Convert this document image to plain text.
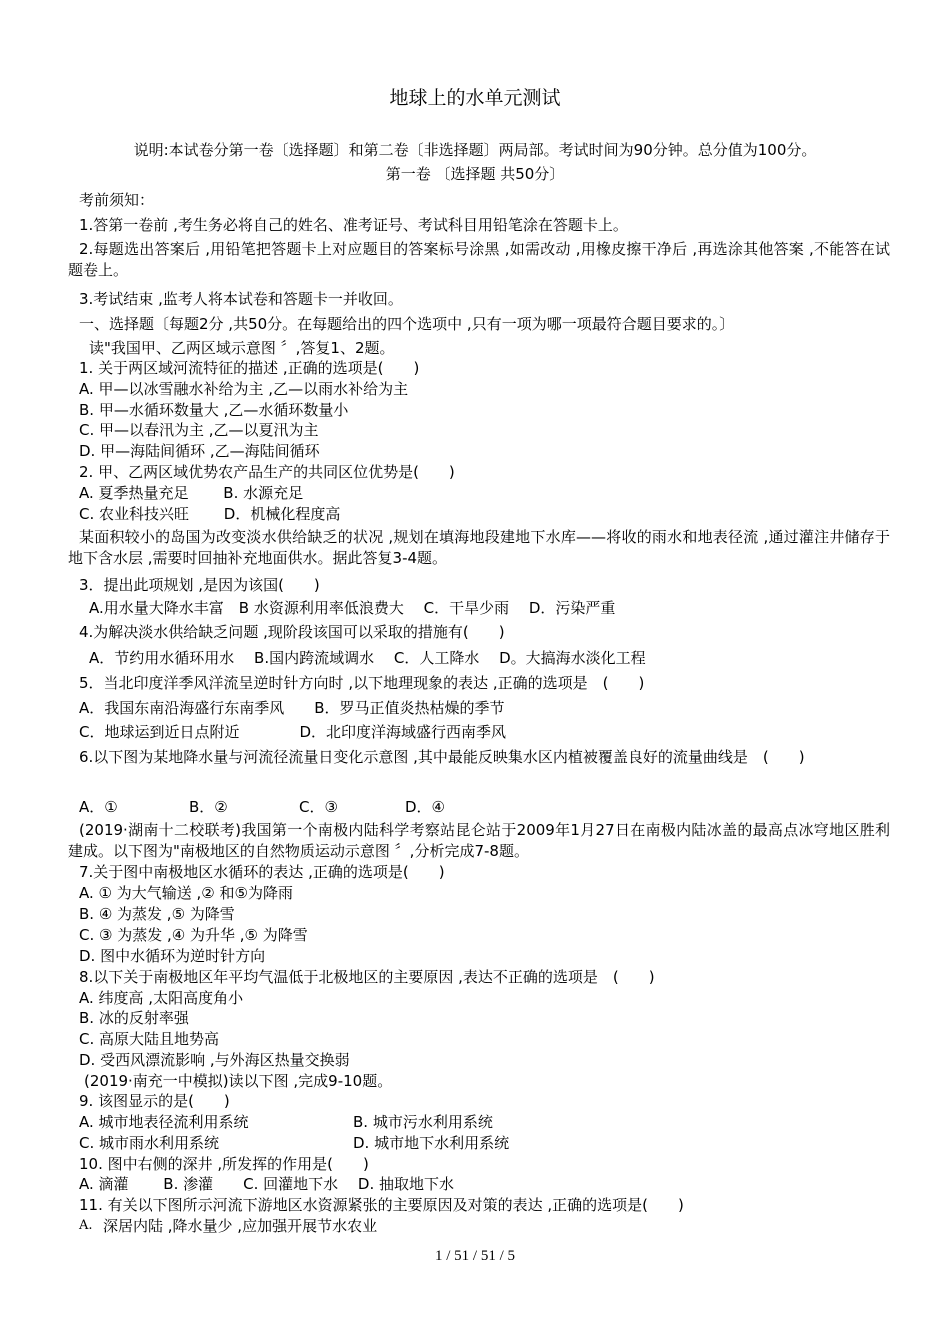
地球上的水单元测试
说明:本试卷分第一卷〔选择题〕和第二卷〔非选择题〕两局部。考试时间为90分钟。总分值为100分。
第一卷 〔选择题 共50分〕
考前须知：
1.答第一卷前 ,考生务必将自己的姓名、准考证号、考试科目用铅笔涂在答题卡上。
2.每题选出答案后 ,用铅笔把答题卡上对应题目的答案标号涂黑 ,如需改动 ,用橡皮擦干净后 ,再选涂其他答案 ,不能答在试题卷上。
3.考试结束 ,监考人将本试卷和答题卡一并收回。
一、选择题〔每题2分 ,共50分。在每题给出的四个选项中 ,只有一项为哪一项最符合题目要求的。〕
读"我国甲、乙两区域示意图 〞,答复1、2题。
1. 关于两区域河流特征的描述 ,正确的选项是(　　)
A. 甲—以冰雪融水补给为主 ,乙—以雨水补给为主
B. 甲—水循环数量大 ,乙—水循环数量小
C. 甲—以春汛为主 ,乙—以夏汛为主
D. 甲—海陆间循环 ,乙—海陆间循环
2. 甲、乙两区域优势农产品生产的共同区位优势是(　　)
A. 夏季热量充足　　 B. 水源充足
C. 农业科技兴旺　　 D．机械化程度高
某面积较小的岛国为改变淡水供给缺乏的状况 ,规划在填海地段建地下水库——将收的雨水和地表径流 ,通过灌注井储存于地下含水层 ,需要时回抽补充地面供水。据此答复3-4题。
3．提出此项规划 ,是因为该国(　　)
A.用水量大降水丰富　B 水资源利用率低浪费大　 C．干旱少雨　 D．污染严重
4.为解决淡水供给缺乏问题 ,现阶段该国可以采取的措施有(　　)
A．节约用水循环用水　 B.国内跨流域调水　 C．人工降水　 D。大搞海水淡化工程
5．当北印度洋季风洋流呈逆时针方向时 ,以下地理现象的表达 ,正确的选项是　(　　)
A．我国东南沿海盛行东南季风　　B．罗马正值炎热枯燥的季节
C．地球运到近日点附近　　　　D．北印度洋海域盛行西南季风
6.以下图为某地降水量与河流径流量日变化示意图 ,其中最能反映集水区内植被覆盖良好的流量曲线是　(　　)
A．①	B．②	C．③	D．④
(2019·湖南十二校联考)我国第一个南极内陆科学考察站昆仑站于2009年1月27日在南极内陆冰盖的最高点冰穹地区胜利建成。以下图为"南极地区的自然物质运动示意图 〞,分析完成7-8题。
7.关于图中南极地区水循环的表达 ,正确的选项是(　　)
A. ① 为大气输送 ,② 和⑤为降雨
B. ④ 为蒸发 ,⑤ 为降雪
C. ③ 为蒸发 ,④ 为升华 ,⑤ 为降雪
D. 图中水循环为逆时针方向
8.以下关于南极地区年平均气温低于北极地区的主要原因 ,表达不正确的选项是　(　　)
A. 纬度高 ,太阳高度角小
B. 冰的反射率强
C. 高原大陆且地势高
D. 受西风漂流影响 ,与外海区热量交换弱
(2019·南充一中模拟)读以下图 ,完成9-10题。
9. 该图显示的是(　　)
A. 城市地表径流利用系统	B. 城市污水利用系统
C. 城市雨水利用系统	D. 城市地下水利用系统
10. 图中右侧的深井 ,所发挥的作用是(　　)
A. 滴灌　　 B. 渗灌　　C. 回灌地下水　 D. 抽取地下水
11. 有关以下图所示河流下游地区水资源紧张的主要原因及对策的表达 ,正确的选项是(　　)
A. 深居内陆 ,降水量少 ,应加强开展节水农业
1 / 51 / 51 / 5
